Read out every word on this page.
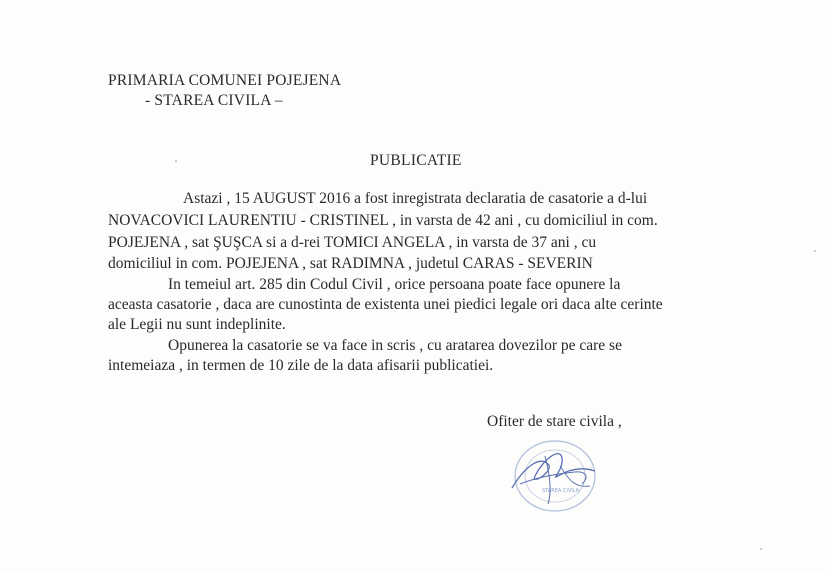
PRIMARIA COMUNEI POJEJENA
- STAREA CIVILA –
PUBLICATIE
Astazi , 15 AUGUST 2016 a fost inregistrata declaratia de casatorie a d-lui
NOVACOVICI LAURENTIU - CRISTINEL , in varsta de 42 ani , cu domiciliul in com.
POJEJENA , sat ŞUŞCA si a d-rei TOMICI ANGELA , in varsta de 37 ani , cu
domiciliul in com. POJEJENA , sat RADIMNA , judetul CARAS - SEVERIN
In temeiul art. 285 din Codul Civil , orice persoana poate face opunere la
aceasta casatorie , daca are cunostinta de existenta unei piedici legale ori daca alte cerinte
ale Legii nu sunt indeplinite.
Opunerea la casatorie se va face in scris , cu aratarea dovezilor pe care se
intemeiaza , in termen de 10 zile de la data afisarii publicatiei.
Ofiter de stare civila ,
STAREA CIVILA
